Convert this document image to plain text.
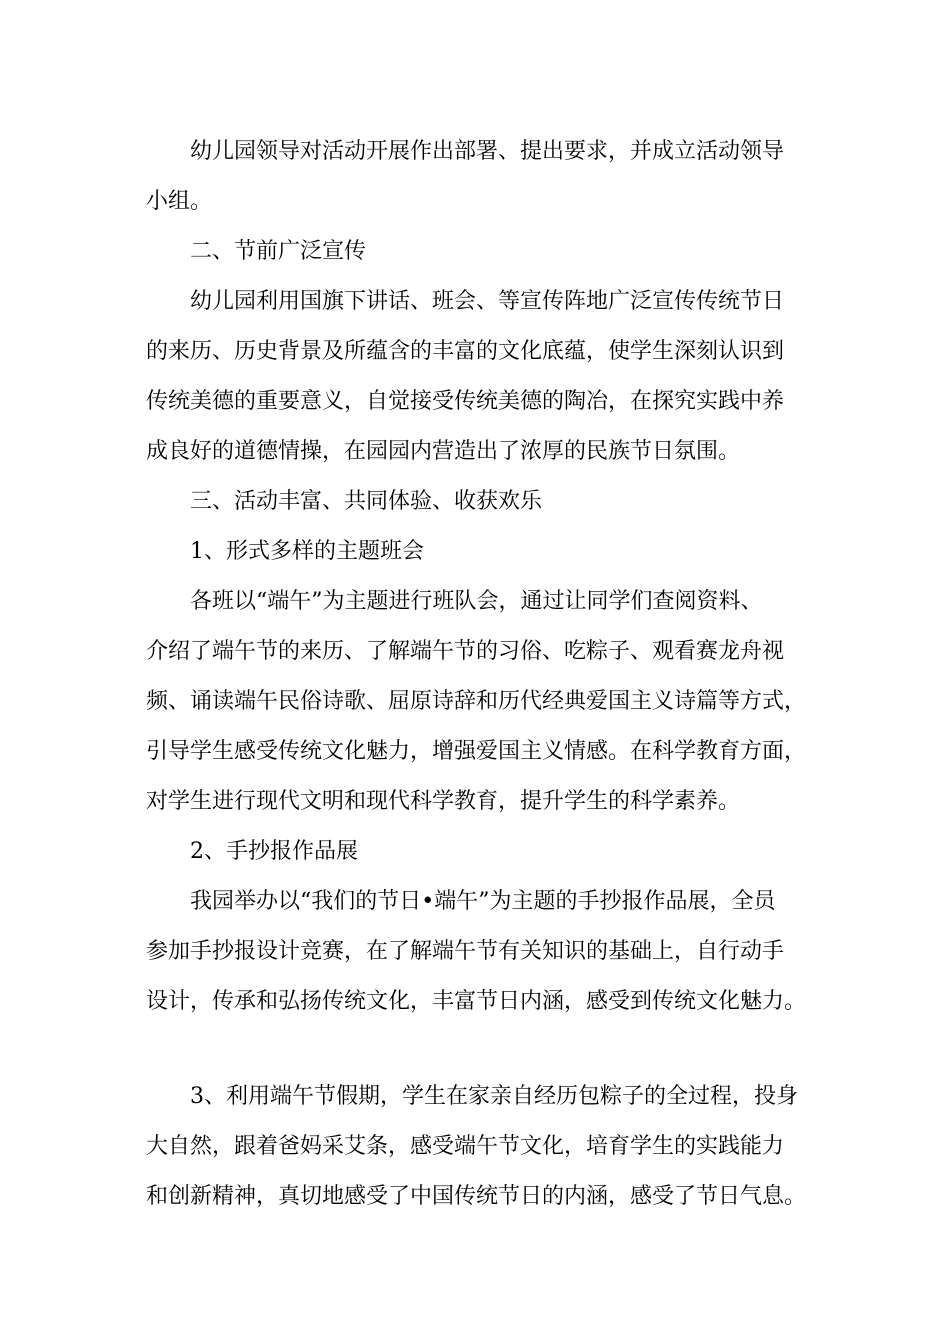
幼儿园领导对活动开展作出部署、提出要求，并成立活动领导
小组。
二、节前广泛宣传
幼儿园利用国旗下讲话、班会、等宣传阵地广泛宣传传统节日
的来历、历史背景及所蕴含的丰富的文化底蕴，使学生深刻认识到
传统美德的重要意义，自觉接受传统美德的陶冶，在探究实践中养
成良好的道德情操，在园园内营造出了浓厚的民族节日氛围。
三、活动丰富、共同体验、收获欢乐
1、形式多样的主题班会
各班以“端午”为主题进行班队会，通过让同学们查阅资料、
介绍了端午节的来历、了解端午节的习俗、吃粽子、观看赛龙舟视
频、诵读端午民俗诗歌、屈原诗辞和历代经典爱国主义诗篇等方式，
引导学生感受传统文化魅力，增强爱国主义情感。在科学教育方面，
对学生进行现代文明和现代科学教育，提升学生的科学素养。
2、手抄报作品展
我园举办以“我们的节日•端午”为主题的手抄报作品展，全员
参加手抄报设计竞赛，在了解端午节有关知识的基础上，自行动手
设计，传承和弘扬传统文化，丰富节日内涵，感受到传统文化魅力。
3、利用端午节假期，学生在家亲自经历包粽子的全过程，投身
大自然，跟着爸妈采艾条，感受端午节文化，培育学生的实践能力
和创新精神，真切地感受了中国传统节日的内涵，感受了节日气息。
